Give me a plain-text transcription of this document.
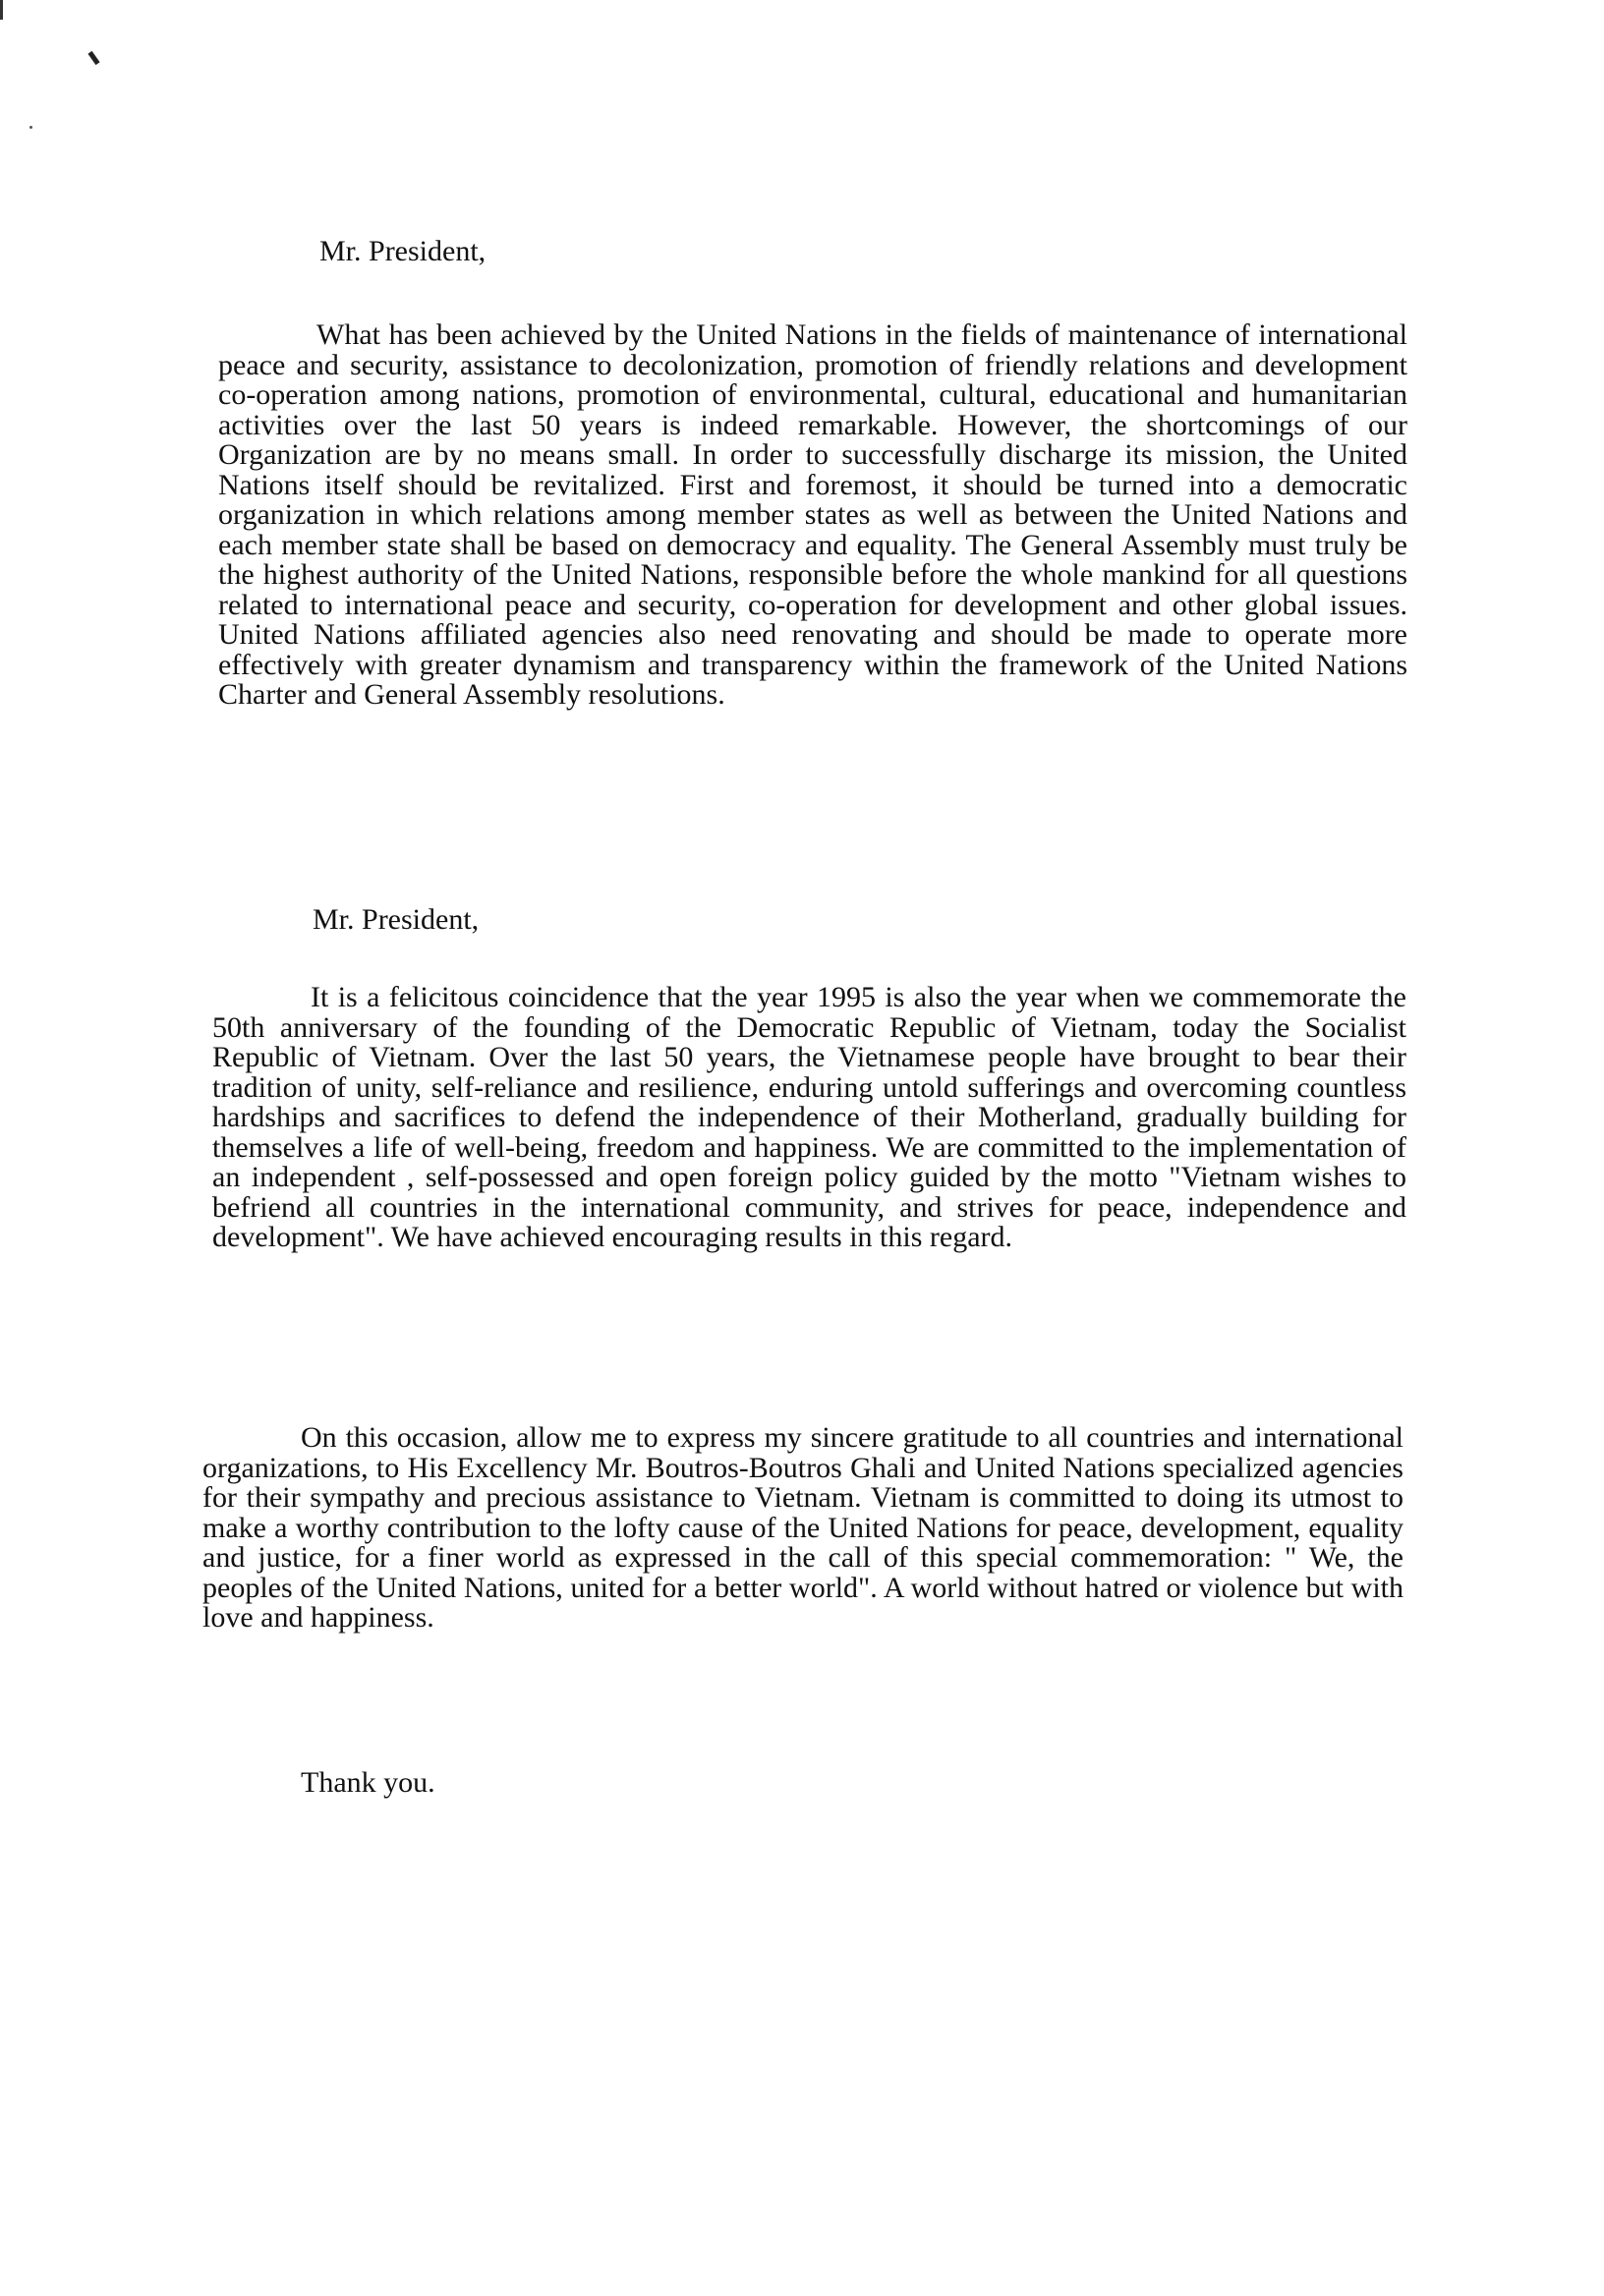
Mr. President,
What has been achieved by the United Nations in the fields of maintenance of international peace and security, assistance to decolonization, promotion of friendly relations and development co-operation among nations, promotion of environmental, cultural, educational and humanitarian activities over the last 50 years is indeed remarkable. However, the shortcomings of our Organization are by no means small. In order to successfully discharge its mission, the United Nations itself should be revitalized. First and foremost, it should be turned into a democratic organization in which relations among member states as well as between the United Nations and each member state shall be based on democracy and equality. The General Assembly must truly be the highest authority of the United Nations, responsible before the whole mankind for all questions related to international peace and security, co-operation for development and other global issues. United Nations affiliated agencies also need renovating and should be made to operate more effectively with greater dynamism and transparency within the framework of the United Nations Charter and General Assembly resolutions.
Mr. President,
It is a felicitous coincidence that the year 1995 is also the year when we commemorate the 50th anniversary of the founding of the Democratic Republic of Vietnam, today the Socialist Republic of Vietnam. Over the last 50 years, the Vietnamese people have brought to bear their tradition of unity, self-reliance and resilience, enduring untold sufferings and overcoming countless hardships and sacrifices to defend the independence of their Motherland, gradually building for themselves a life of well-being, freedom and happiness. We are committed to the implementation of an independent , self-possessed and open foreign policy guided by the motto "Vietnam wishes to befriend all countries in the international community, and strives for peace, independence and development". We have achieved encouraging results in this regard.
On this occasion, allow me to express my sincere gratitude to all countries and international organizations, to His Excellency Mr. Boutros-Boutros Ghali and United Nations specialized agencies for their sympathy and precious assistance to Vietnam. Vietnam is committed to doing its utmost to make a worthy contribution to the lofty cause of the United Nations for peace, development, equality and justice, for a finer world as expressed in the call of this special commemoration: " We, the peoples of the United Nations, united for a better world". A world without hatred or violence but with love and happiness.
Thank you.
